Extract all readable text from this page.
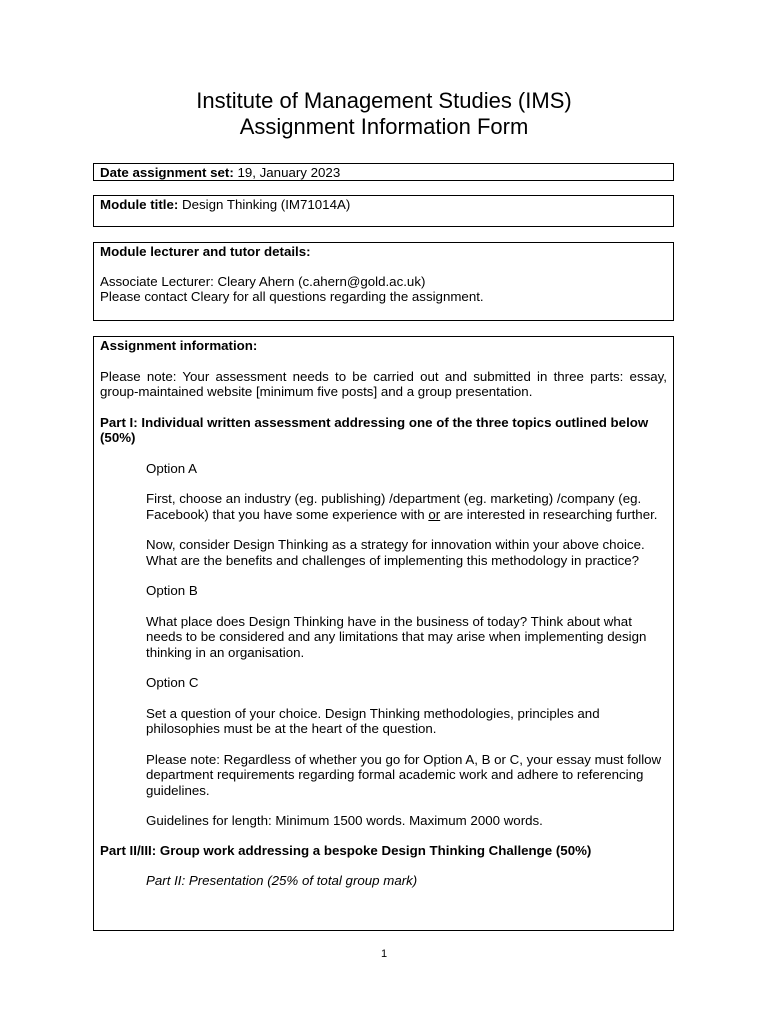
Institute of Management Studies (IMS)
Assignment Information Form

Date assignment set: 19, January 2023

Module title: Design Thinking (IM71014A)

Module lecturer and tutor details:

Associate Lecturer: Cleary Ahern (c.ahern@gold.ac.uk)

Please contact Cleary for all questions regarding the assignment.

Assignment information:

Please note: Your assessment needs to be carried out and submitted in three parts: essay, group-maintained website [minimum five posts] and a group presentation.

Part I: Individual written assessment addressing one of the three topics outlined below (50%)

Option A

First, choose an industry (eg. publishing) /department (eg. marketing) /company (eg. Facebook) that you have some experience with or are interested in researching further.

Now, consider Design Thinking as a strategy for innovation within your above choice. What are the benefits and challenges of implementing this methodology in practice?

Option B

What place does Design Thinking have in the business of today? Think about what needs to be considered and any limitations that may arise when implementing design thinking in an organisation.

Option C

Set a question of your choice. Design Thinking methodologies, principles and philosophies must be at the heart of the question.

Please note: Regardless of whether you go for Option A, B or C, your essay must follow department requirements regarding formal academic work and adhere to referencing guidelines.

Guidelines for length: Minimum 1500 words. Maximum 2000 words.

Part II/III: Group work addressing a bespoke Design Thinking Challenge (50%)

Part II: Presentation (25% of total group mark)

1
